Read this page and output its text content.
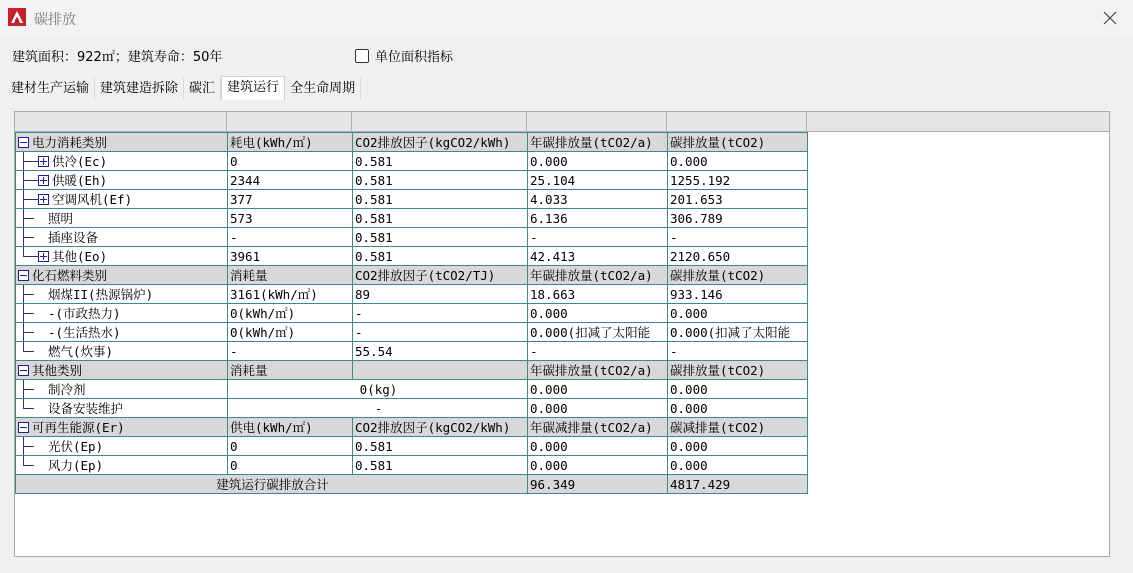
碳排放
建筑面积：922㎡；建筑寿命：50年	单位面积指标
建材生产运输 建筑建造拆除 碳汇 建筑运行 全生命周期
电力消耗类别	耗电(kWh/㎡)	CO2排放因子(kgCO2/kWh)	年碳排放量(tCO2/a)	碳排放量(tCO2)

供冷(Ec)	0	0.581	0.000	0.000

供暖(Eh)	2344	0.581	25.104	1255.192

空调风机(Ef)	377	0.581	4.033	201.653

照明	573	0.581	6.136	306.789

插座设备	-	0.581	-	-

其他(Eo)	3961	0.581	42.413	2120.650

化石燃料类别	消耗量	CO2排放因子(tCO2/TJ)	年碳排放量(tCO2/a)	碳排放量(tCO2)

烟煤II(热源锅炉)	3161(kWh/㎡)	89	18.663	933.146

-(市政热力)	0(kWh/㎡)	-	0.000	0.000

-(生活热水)	0(kWh/㎡)	-	0.000(扣减了太阳能	0.000(扣减了太阳能

燃气(炊事)	-	55.54	-	-

其他类别	消耗量		年碳排放量(tCO2/a)	碳排放量(tCO2)

制冷剂	0(kg)		0.000	0.000

设备安装维护	-		0.000	0.000

可再生能源(Er)	供电(kWh/㎡)	CO2排放因子(kgCO2/kWh)	年碳减排量(tCO2/a)	碳减排量(tCO2)

光伏(Ep)	0	0.581	0.000	0.000

风力(Ep)	0	0.581	0.000	0.000
建筑运行碳排放合计			96.349	4817.429
